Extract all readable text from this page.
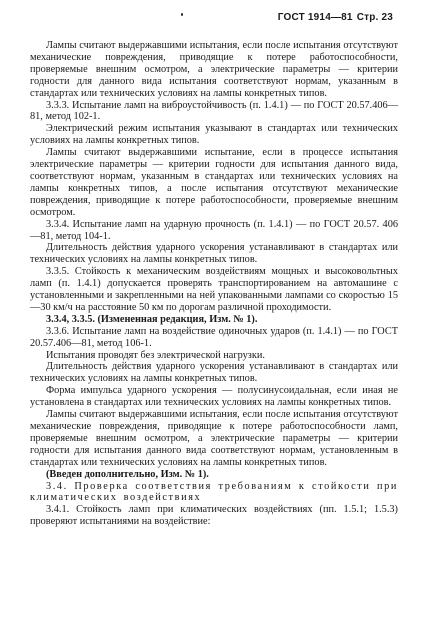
ГОСТ 1914—81 Стр. 23

Лампы считают выдержавшими испытания, если после испытания отсутствуют механические повреждения, приводящие к потере работоспособности, проверяемые внешним осмотром, а электрические параметры — критерии годности для данного вида испытания соответствуют нормам, указанным в стандартах или технических условиях на лампы конкретных типов.

3.3.3. Испытание ламп на виброустойчивость (п. 1.4.1) — по ГОСТ 20.57.406—81, метод 102-1.

Электрический режим испытания указывают в стандартах или технических условиях на лампы конкретных типов.

Лампы считают выдержавшими испытание, если в процессе испытания электрические параметры — критерии годности для испытания данного вида, соответствуют нормам, указанным в стандартах или технических условиях на лампы конкретных типов, а после испытания отсутствуют механические повреждения, приводящие к потере работоспособности, проверяемые внешним осмотром.

3.3.4. Испытание ламп на ударную прочность (п. 1.4.1) — по ГОСТ 20.57. 406—81, метод 104-1.

Длительность действия ударного ускорения устанавливают в стандартах или технических условиях на лампы конкретных типов.

3.3.5. Стойкость к механическим воздействиям мощных и высоковольтных ламп (п. 1.4.1) допускается проверять транспортированием на автомашине с установленными и закрепленными на ней упакованными лампами со скоростью 15—30 км/ч на расстояние 50 км по дорогам различной проходимости.

3.3.4, 3.3.5. (Измененная редакция, Изм. № 1).

3.3.6. Испытание ламп на воздействие одиночных ударов (п. 1.4.1) — по ГОСТ 20.57.406—81, метод 106-1.

Испытания проводят без электрической нагрузки.

Длительность действия ударного ускорения устанавливают в стандартах или технических условиях на лампы конкретных типов.

Форма импульса ударного ускорения — полусинусоидальная, если иная не установлена в стандартах или технических условиях на лампы конкретных типов.

Лампы считают выдержавшими испытания, если после испытания отсутствуют механические повреждения, приводящие к потере работоспособности ламп, проверяемые внешним осмотром, а электрические параметры — критерии годности для испытания данного вида соответствуют нормам, установленным в стандартах или технических условиях на лампы конкретных типов.

(Введен дополнительно, Изм. № 1).

3.4. Проверка соответствия требованиям к стойкости при климатических воздействиях

3.4.1. Стойкость ламп при климатических воздействиях (пп. 1.5.1; 1.5.3) проверяют испытаниями на воздействие:
